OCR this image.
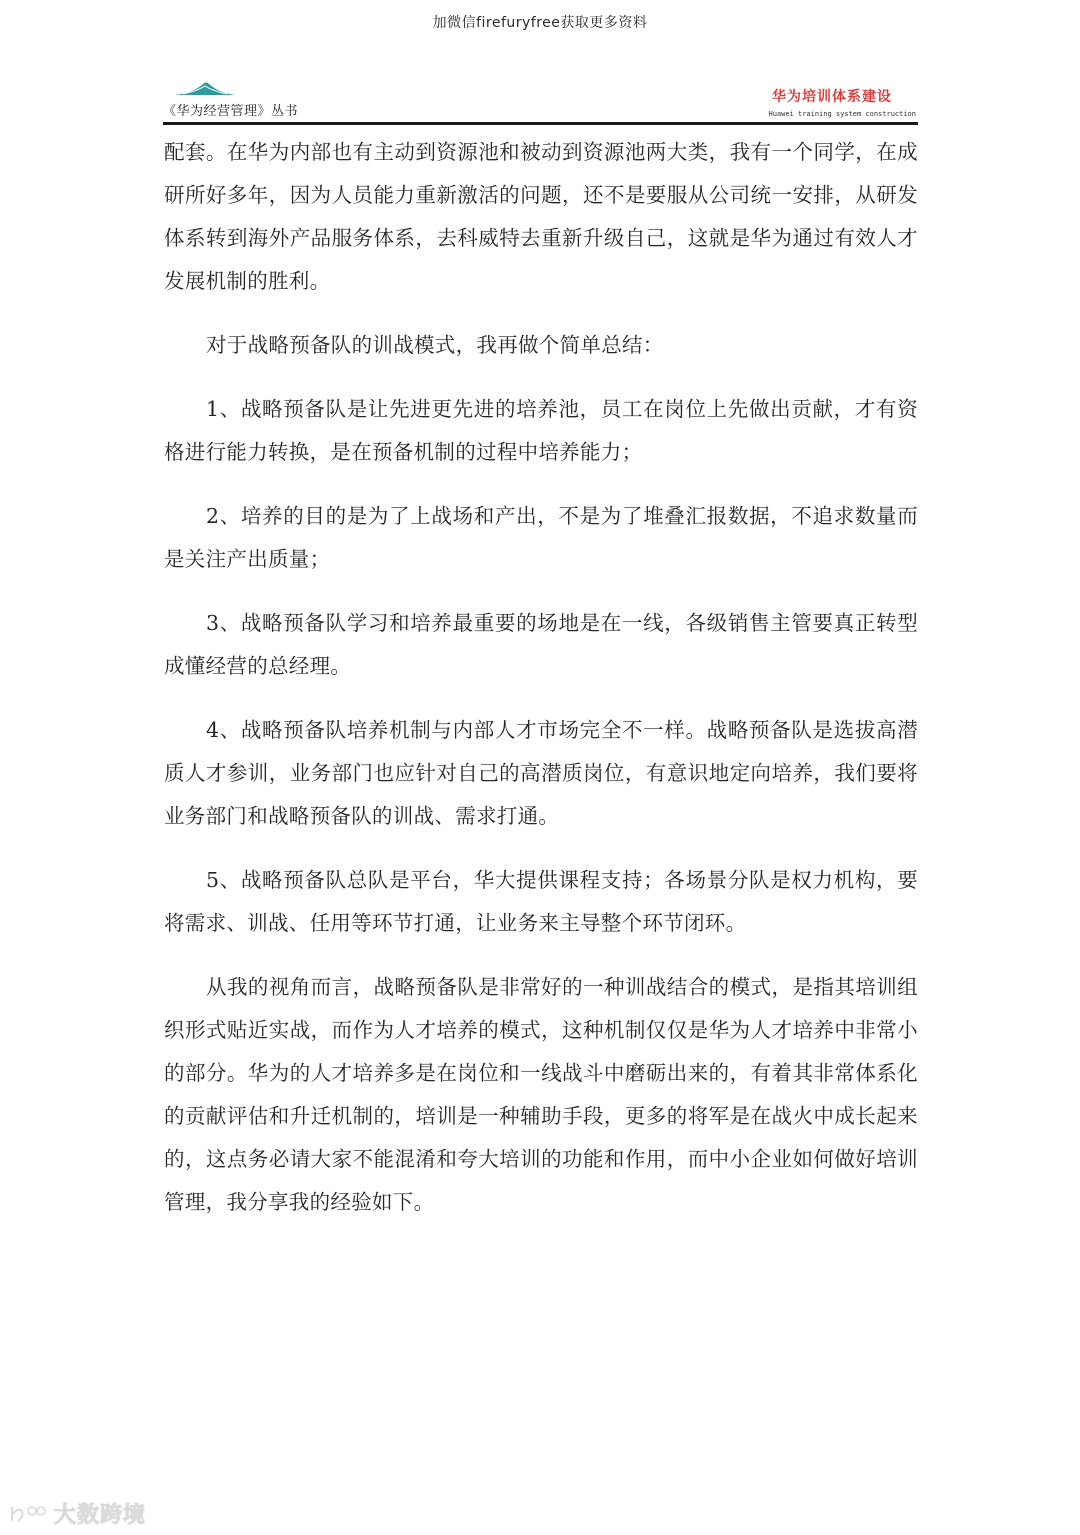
加微信firefuryfree获取更多资料
《华为经营管理》丛书
华为培训体系建设
Huawei training system construction

配套。在华为内部也有主动到资源池和被动到资源池两大类，我有一个同学，在成研所好多年，因为人员能力重新激活的问题，还不是要服从公司统一安排，从研发体系转到海外产品服务体系，去科威特去重新升级自己，这就是华为通过有效人才发展机制的胜利。

对于战略预备队的训战模式，我再做个简单总结：

1、战略预备队是让先进更先进的培养池，员工在岗位上先做出贡献，才有资格进行能力转换，是在预备机制的过程中培养能力；

2、培养的目的是为了上战场和产出，不是为了堆叠汇报数据，不追求数量而是关注产出质量；

3、战略预备队学习和培养最重要的场地是在一线，各级销售主管要真正转型成懂经营的总经理。

4、战略预备队培养机制与内部人才市场完全不一样。战略预备队是选拔高潜质人才参训，业务部门也应针对自己的高潜质岗位，有意识地定向培养，我们要将业务部门和战略预备队的训战、需求打通。

5、战略预备队总队是平台，华大提供课程支持；各场景分队是权力机构，要将需求、训战、任用等环节打通，让业务来主导整个环节闭环。

从我的视角而言，战略预备队是非常好的一种训战结合的模式，是指其培训组织形式贴近实战，而作为人才培养的模式，这种机制仅仅是华为人才培养中非常小的部分。华为的人才培养多是在岗位和一线战斗中磨砺出来的，有着其非常体系化的贡献评估和升迁机制的，培训是一种辅助手段，更多的将军是在战火中成长起来的，这点务必请大家不能混淆和夸大培训的功能和作用，而中小企业如何做好培训管理，我分享我的经验如下。

大数跨境
